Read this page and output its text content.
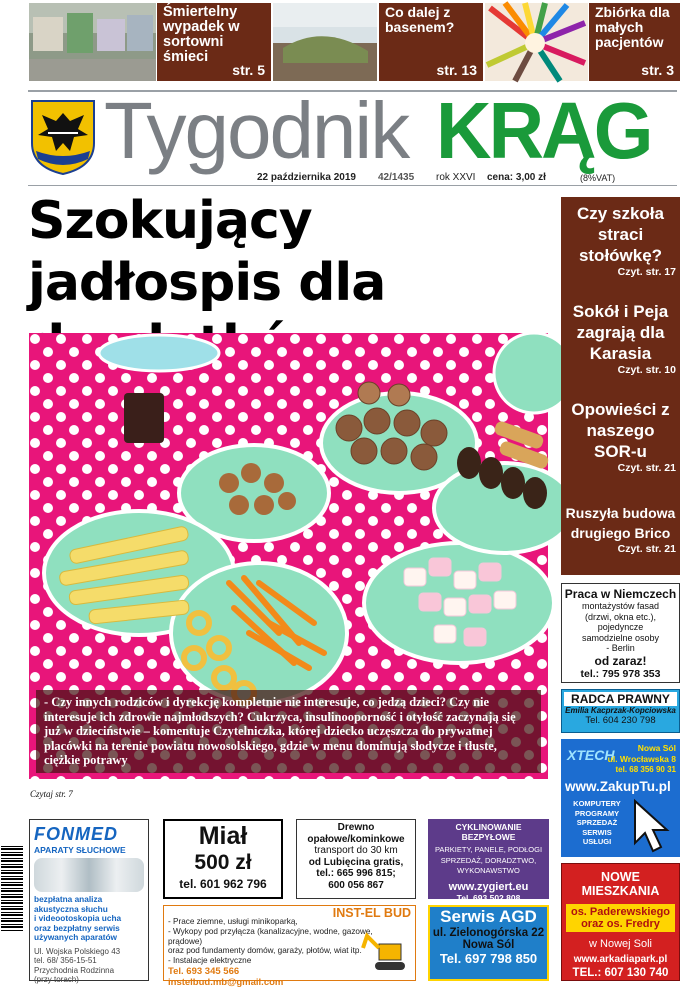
Śmiertelny wypadek w sortowni śmieci
str. 5
Co dalej z basenem?
str. 13
Zbiórka dla małych pacjentów
str. 3
Tygodnik KRĄG
22 października 2019 42/1435 rok XXVI cena: 3,00 zł	(8%VAT)
Szokujący jadłospis dla
- Czy innych rodziców i dyrekcję kompletnie nie interesuje, co jedzą dzieci? Czy nie interesuje ich zdrowie najmłodszych? Cukrzyca, insulinooporność i otyłość zaczynają się już w dzieciństwie – komentuje Czytelniczka, której dziecko uczęszcza do prywatnej placówki na terenie powiatu nowosolskiego, gdzie w menu dominują słodycze i tłuste, ciężkie potrawy
Czytaj str. 7
Czy szkoła straci stołówkę?
Czyt. str. 17
Sokół i Peja zagrają dla Karasia
Czyt. str. 10
Opowieści z naszego SOR-u
Czyt. str. 21
Ruszyła budowa drugiego Brico
Czyt. str. 21
Praca w Niemczech
montażystów fasad
(drzwi, okna etc.), pojedyncze
samodzielne osoby
- Berlin
od zaraz!
tel.: 795 978 353
RADCA PRAWNY
Emilia Kacprzak-Kopciowska
Tel. 604 230 798
XTECH	Nowa Sól
ul. Wrocławska 8
tel. 68 356 90 31
www.ZakupTu.pl
KOMPUTERY
PROGRAMY
SPRZEDAŻ
SERWIS
USŁUGI
NOWE MIESZKANIA
os. Paderewskiego
oraz os. Fredry
w Nowej Soli
www.arkadiapark.pl
TEL.: 607 130 740
FONMED
APARATY SŁUCHOWE
bezpłatna analiza
akustyczna słuchu
i videootoskopia ucha
oraz bezpłatny serwis
używanych aparatów
Ul. Wojska Polskiego 43
tel. 68/ 356-15-51
Przychodnia Rodzinna
(przy torach)
Miał
500 zł
tel. 601 962 796
Drewno
opałowe/kominkowe
transport do 30 km
od Lubięcina gratis,
tel.: 665 996 815;
600 056 867
CYKLINOWANIE BEZPYŁOWE
PARKIETY, PANELE, PODŁOGI
SPRZEDAŻ, DORADZTWO,
WYKONAWSTWO
www.zygiert.eu
Tel. 693 502 808
INST-EL BUD
- Prace ziemne, usługi minikoparką,
- Wykopy pod przyłącza (kanalizacyjne, wodne, gazowe, prądowe)
oraz pod fundamenty domów, garaży, płotów, wiat itp.
- Instalacje elektryczne
Tel. 693 345 566
instelbud.mb@gmail.com
Serwis AGD
ul. Zielonogórska 22
Nowa Sól
Tel. 697 798 850
